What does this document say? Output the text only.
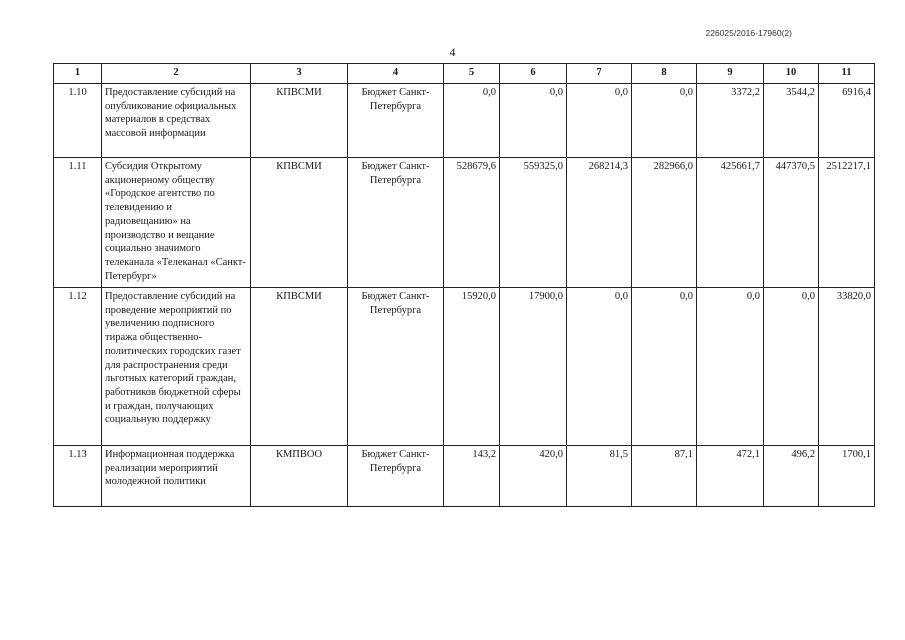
226025/2016-17960(2)
4
1	2	3	4	5	6	7	8	9	10	11
1.10	Предоставление субсидий на опубликование официальных материалов в средствах массовой информации	КПВСМИ	Бюджет Санкт-Петербурга	0,0	0,0	0,0	0,0	3372,2	3544,2	6916,4
1.11	Субсидия Открытому акционерному обществу «Городское агентство по телевидению и радиовещанию» на производство и вещание социально значимого телеканала «Телеканал «Санкт-Петербург»	КПВСМИ	Бюджет Санкт-Петербурга	528679,6	559325,0	268214,3	282966,0	425661,7	447370,5	2512217,1
1.12	Предоставление субсидий на проведение мероприятий по увеличению подписного тиража общественно-политических городских газет для распространения среди льготных категорий граждан, работников бюджетной сферы и граждан, получающих социальную поддержку	КПВСМИ	Бюджет Санкт-Петербурга	15920,0	17900,0	0,0	0,0	0,0	0,0	33820,0
1.13	Информационная поддержка реализации мероприятий молодежной политики	КМПВОО	Бюджет Санкт-Петербурга	143,2	420,0	81,5	87,1	472,1	496,2	1700,1
